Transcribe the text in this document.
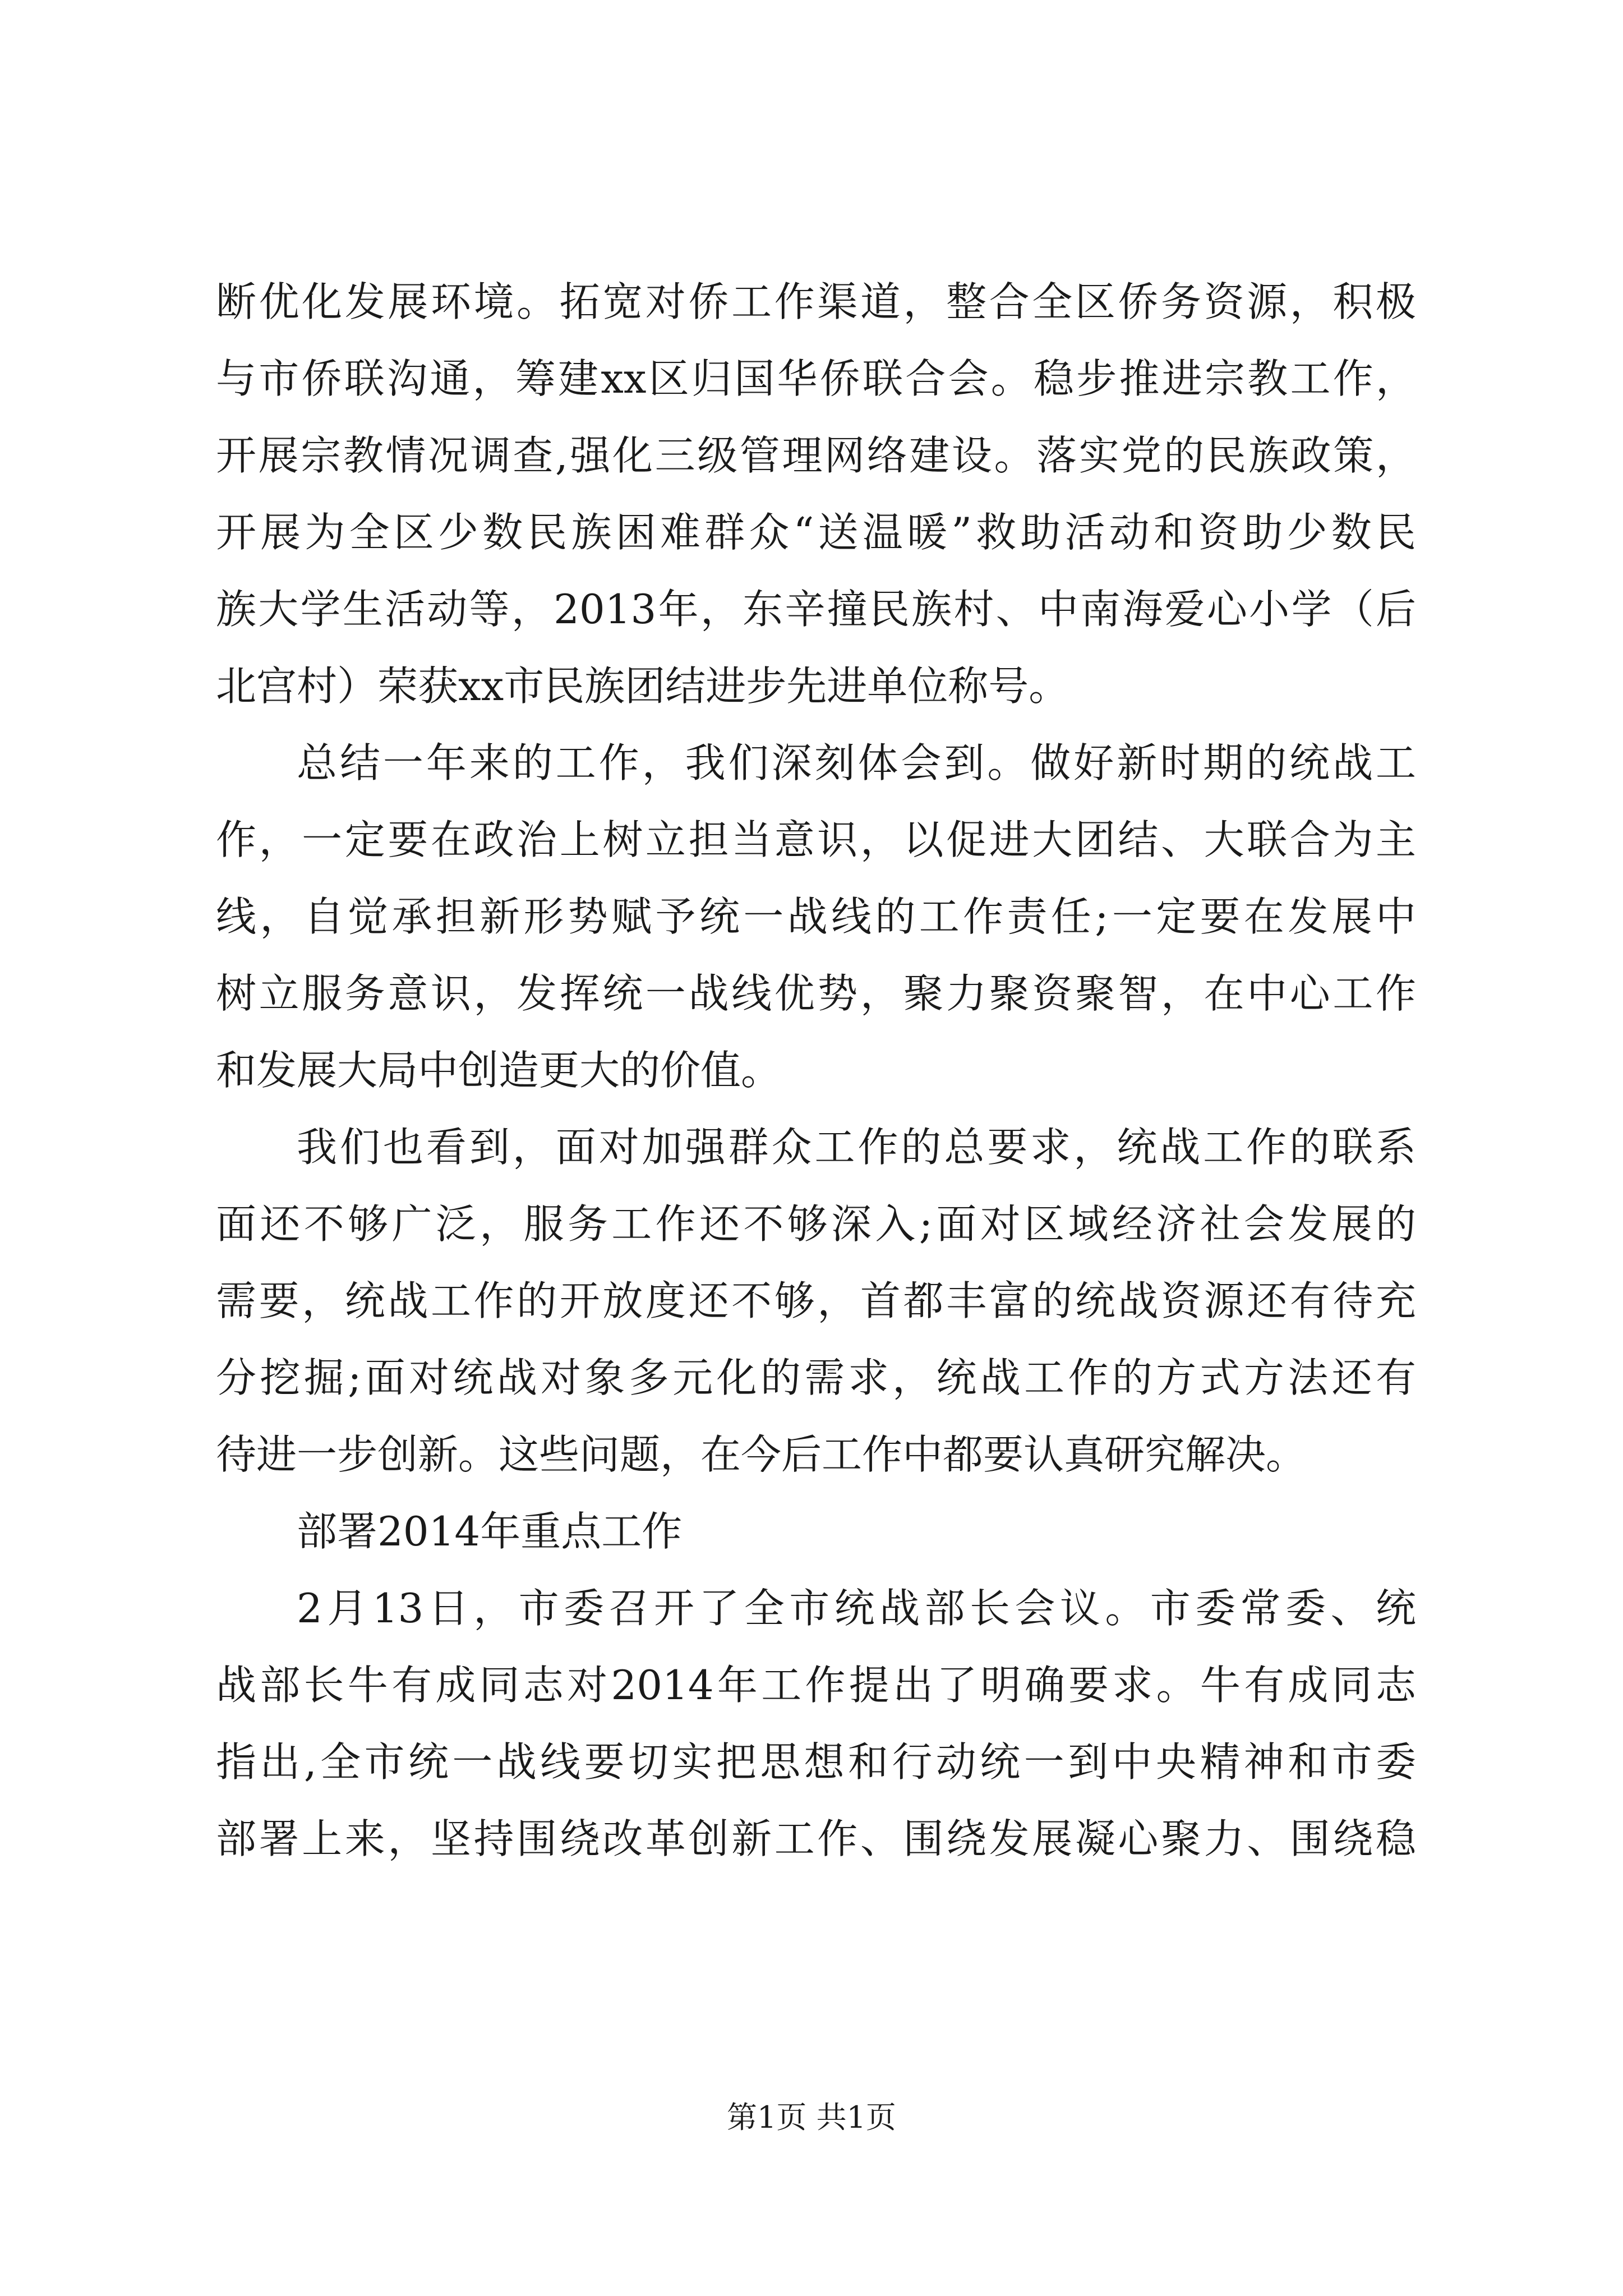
断优化发展环境。拓宽对侨工作渠道，整合全区侨务资源，积极
与市侨联沟通，筹建xx区归国华侨联合会。稳步推进宗教工作，
开展宗教情况调查,强化三级管理网络建设。落实党的民族政策，
开展为全区少数民族困难群众“送温暖”救助活动和资助少数民
族大学生活动等，2013年，东辛撞民族村、中南海爱心小学（后
北宫村）荣获xx市民族团结进步先进单位称号。
总结一年来的工作，我们深刻体会到。做好新时期的统战工
作，一定要在政治上树立担当意识，以促进大团结、大联合为主
线，自觉承担新形势赋予统一战线的工作责任;一定要在发展中
树立服务意识，发挥统一战线优势，聚力聚资聚智，在中心工作
和发展大局中创造更大的价值。
我们也看到，面对加强群众工作的总要求，统战工作的联系
面还不够广泛，服务工作还不够深入;面对区域经济社会发展的
需要，统战工作的开放度还不够，首都丰富的统战资源还有待充
分挖掘;面对统战对象多元化的需求，统战工作的方式方法还有
待进一步创新。这些问题，在今后工作中都要认真研究解决。
部署2014年重点工作
2月13日，市委召开了全市统战部长会议。市委常委、统
战部长牛有成同志对2014年工作提出了明确要求。牛有成同志
指出,全市统一战线要切实把思想和行动统一到中央精神和市委
部署上来，坚持围绕改革创新工作、围绕发展凝心聚力、围绕稳
第1页 共1页
